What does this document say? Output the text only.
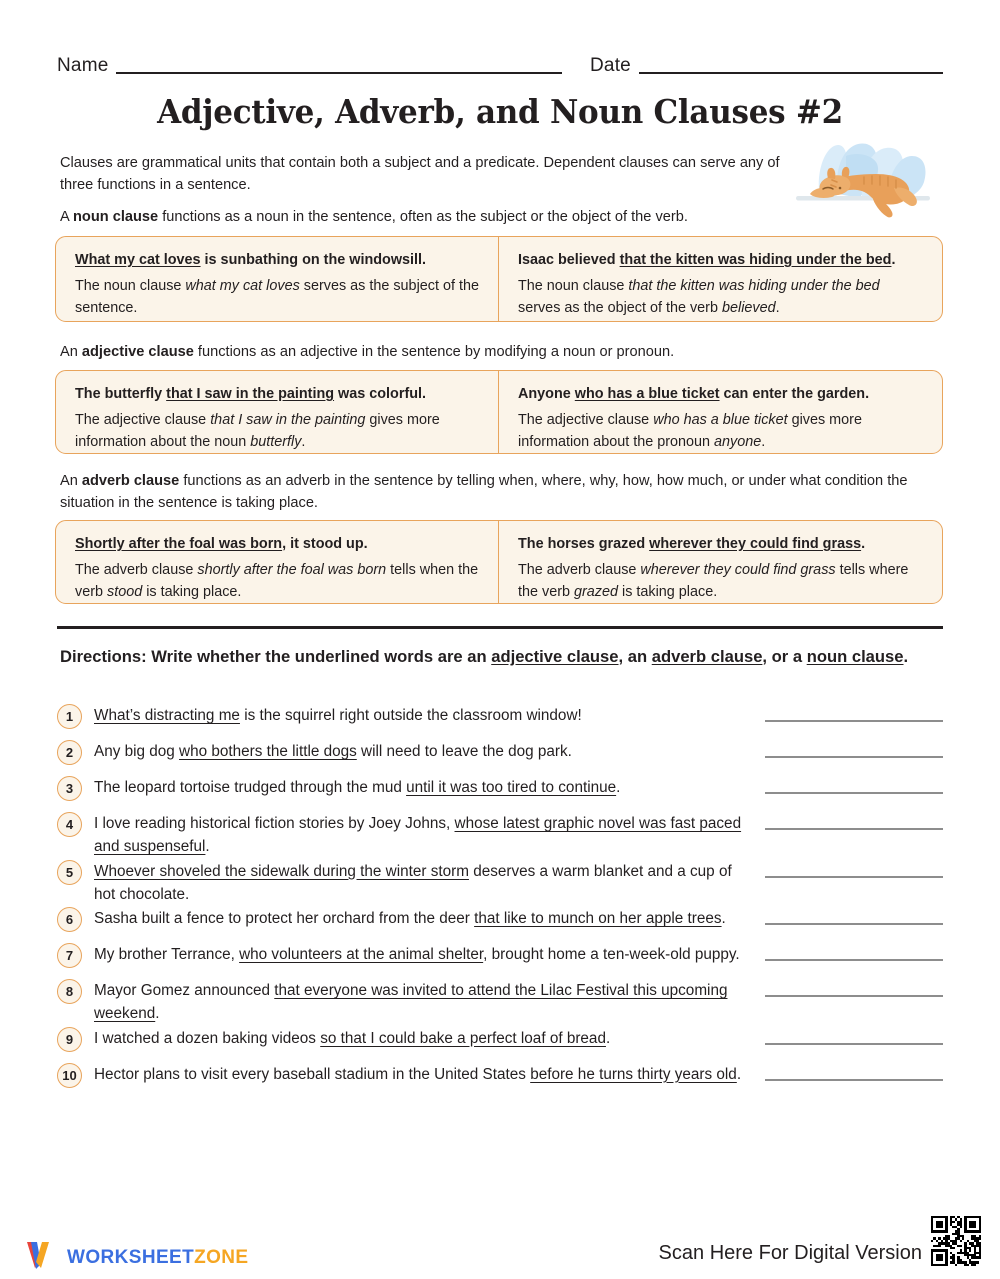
Name	Date
Adjective, Adverb, and Noun Clauses #2
Clauses are grammatical units that contain both a subject and a predicate. Dependent clauses can serve any of three functions in a sentence.
A noun clause functions as a noun in the sentence, often as the subject or the object of the verb.
What my cat loves is sunbathing on the windowsill.
The noun clause what my cat loves serves as the subject of the sentence.
Isaac believed that the kitten was hiding under the bed.
The noun clause that the kitten was hiding under the bed serves as the object of the verb believed.
An adjective clause functions as an adjective in the sentence by modifying a noun or pronoun.
The butterfly that I saw in the painting was colorful.
The adjective clause that I saw in the painting gives more information about the noun butterfly.
Anyone who has a blue ticket can enter the garden.
The adjective clause who has a blue ticket gives more information about the pronoun anyone.
An adverb clause functions as an adverb in the sentence by telling when, where, why, how, how much, or under what condition the situation in the sentence is taking place.
Shortly after the foal was born, it stood up.
The adverb clause shortly after the foal was born tells when the verb stood is taking place.
The horses grazed wherever they could find grass.
The adverb clause wherever they could find grass tells where the verb grazed is taking place.
Directions: Write whether the underlined words are an adjective clause, an adverb clause, or a noun clause.
1	What’s distracting me is the squirrel right outside the classroom window!
2	Any big dog who bothers the little dogs will need to leave the dog park.
3	The leopard tortoise trudged through the mud until it was too tired to continue.
4	I love reading historical fiction stories by Joey Johns, whose latest graphic novel was fast paced and suspenseful.
5	Whoever shoveled the sidewalk during the winter storm deserves a warm blanket and a cup of hot chocolate.
6	Sasha built a fence to protect her orchard from the deer that like to munch on her apple trees.
7	My brother Terrance, who volunteers at the animal shelter, brought home a ten-week-old puppy.
8	Mayor Gomez announced that everyone was invited to attend the Lilac Festival this upcoming weekend.
9	I watched a dozen baking videos so that I could bake a perfect loaf of bread.
10	Hector plans to visit every baseball stadium in the United States before he turns thirty years old.
WORKSHEETZONE	Scan Here For Digital Version
